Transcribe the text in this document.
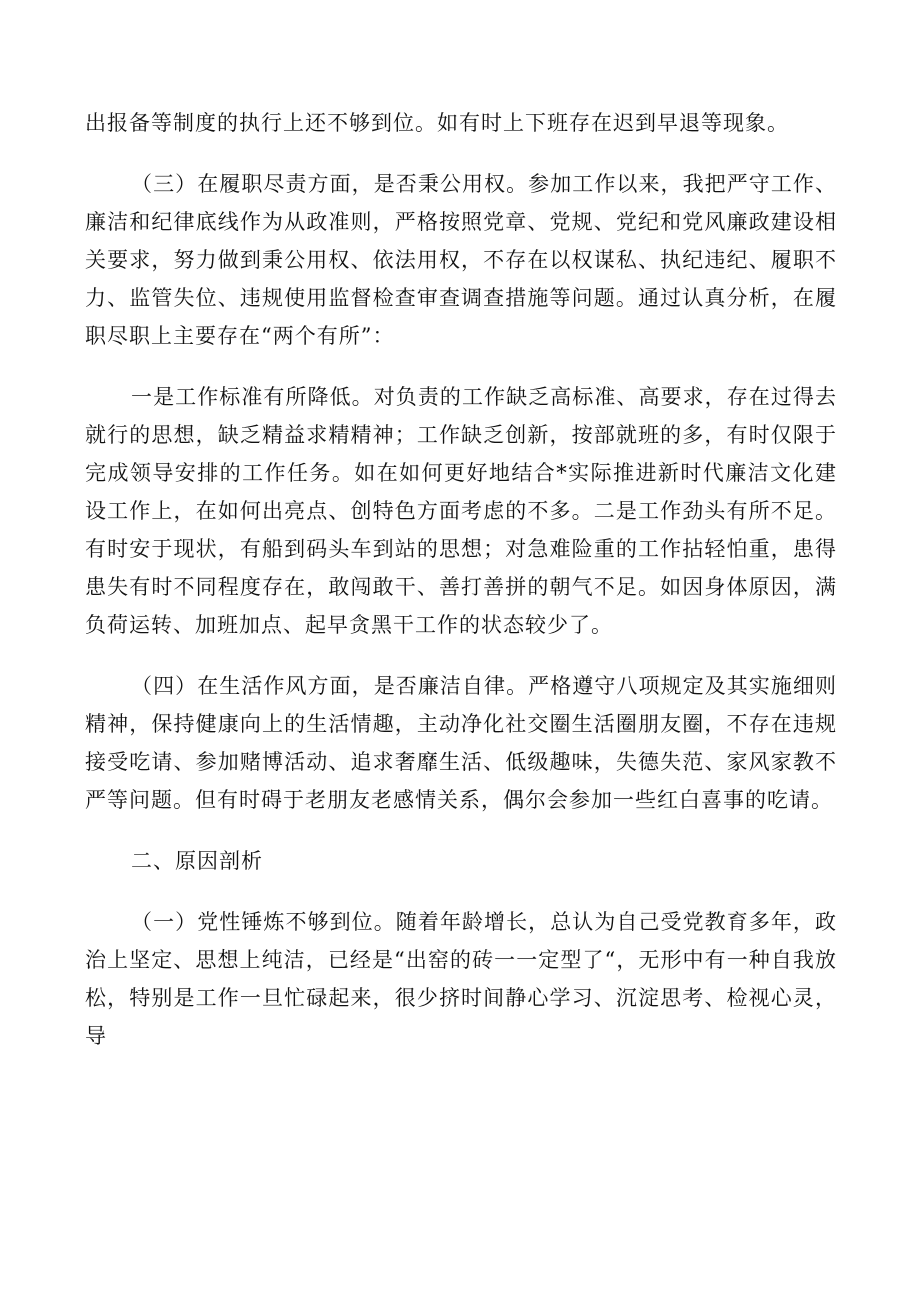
出报备等制度的执行上还不够到位。如有时上下班存在迟到早退等现象。

（三）在履职尽责方面，是否秉公用权。参加工作以来，我把严守工作、廉洁和纪律底线作为从政准则，严格按照党章、党规、党纪和党风廉政建设相关要求，努力做到秉公用权、依法用权，不存在以权谋私、执纪违纪、履职不力、监管失位、违规使用监督检查审查调查措施等问题。通过认真分析，在履职尽职上主要存在“两个有所”：

一是工作标准有所降低。对负责的工作缺乏高标准、高要求，存在过得去就行的思想，缺乏精益求精精神；工作缺乏创新，按部就班的多，有时仅限于完成领导安排的工作任务。如在如何更好地结合*实际推进新时代廉洁文化建设工作上，在如何出亮点、创特色方面考虑的不多。二是工作劲头有所不足。有时安于现状，有船到码头车到站的思想；对急难险重的工作拈轻怕重，患得患失有时不同程度存在，敢闯敢干、善打善拼的朝气不足。如因身体原因，满负荷运转、加班加点、起早贪黑干工作的状态较少了。

（四）在生活作风方面，是否廉洁自律。严格遵守八项规定及其实施细则精神，保持健康向上的生活情趣，主动净化社交圈生活圈朋友圈，不存在违规接受吃请、参加赌博活动、追求奢靡生活、低级趣味，失德失范、家风家教不严等问题。但有时碍于老朋友老感情关系，偶尔会参加一些红白喜事的吃请。

二、原因剖析

（一）党性锤炼不够到位。随着年龄增长，总认为自己受党教育多年，政治上坚定、思想上纯洁，已经是“出窑的砖一一定型了“，无形中有一种自我放松，特别是工作一旦忙碌起来，很少挤时间静心学习、沉淀思考、检视心灵，导
